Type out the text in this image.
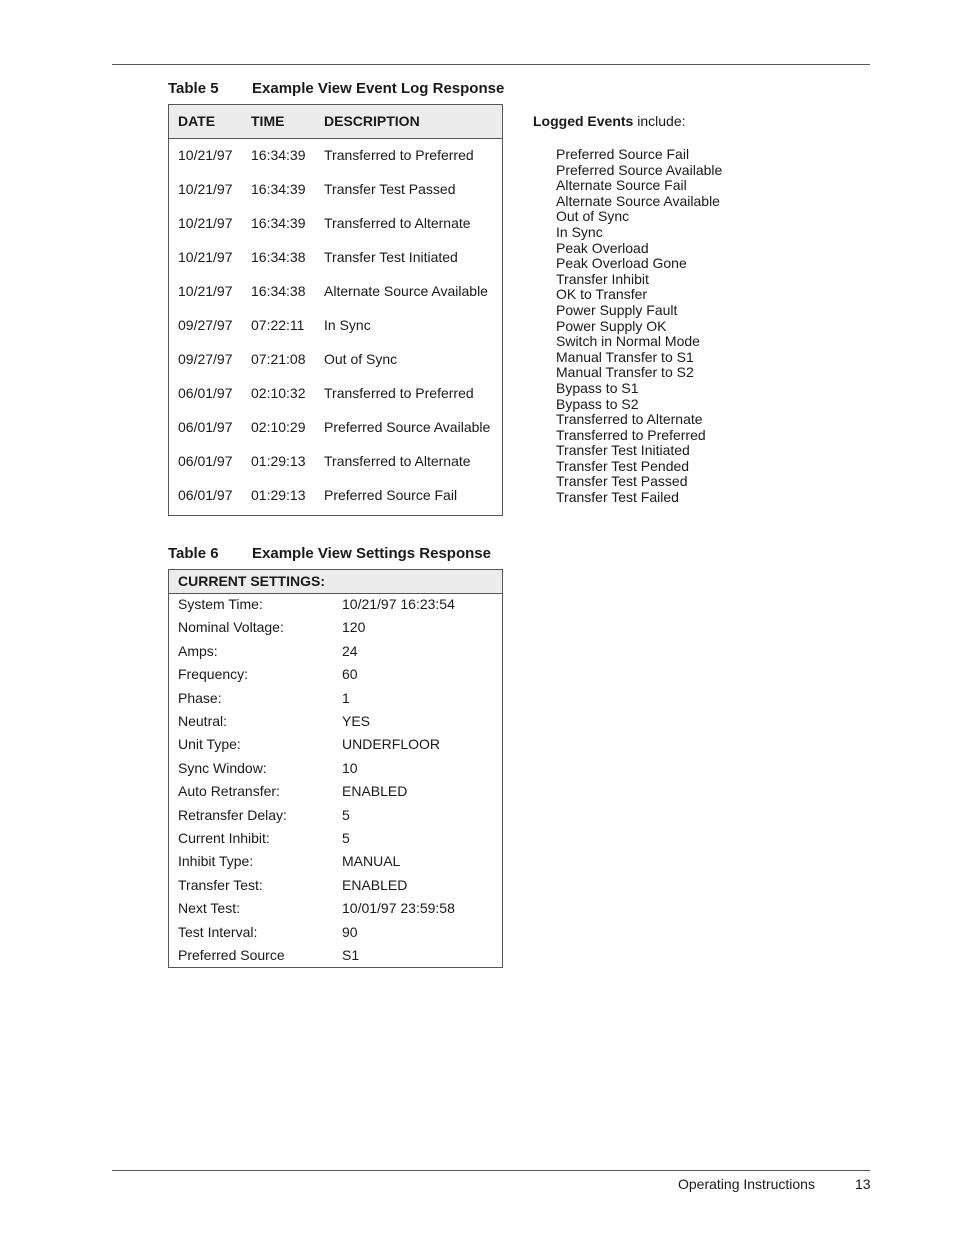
Table 5 Example View Event Log Response
DATE	TIME	DESCRIPTION
10/21/97 16:34:39 Transferred to Preferred
10/21/97 16:34:39 Transfer Test Passed
10/21/97 16:34:39 Transferred to Alternate
10/21/97 16:34:38 Transfer Test Initiated
10/21/97 16:34:38 Alternate Source Available
09/27/97 07:22:11 In Sync
09/27/97 07:21:08 Out of Sync
06/01/97 02:10:32 Transferred to Preferred
06/01/97 02:10:29 Preferred Source Available
06/01/97 01:29:13 Transferred to Alternate
06/01/97 01:29:13 Preferred Source Fail
Logged Events include:
Preferred Source Fail
Preferred Source Available
Alternate Source Fail
Alternate Source Available
Out of Sync
In Sync
Peak Overload
Peak Overload Gone
Transfer Inhibit
OK to Transfer
Power Supply Fault
Power Supply OK
Switch in Normal Mode
Manual Transfer to S1
Manual Transfer to S2
Bypass to S1
Bypass to S2
Transferred to Alternate
Transferred to Preferred
Transfer Test Initiated
Transfer Test Pended
Transfer Test Passed
Transfer Test Failed
Table 6 Example View Settings Response
CURRENT SETTINGS:
System Time:	10/21/97 16:23:54
Nominal Voltage:	120
Amps:	24
Frequency:	60
Phase:	1
Neutral:	YES
Unit Type:	UNDERFLOOR
Sync Window:	10
Auto Retransfer:	ENABLED
Retransfer Delay:	5
Current Inhibit:	5
Inhibit Type:	MANUAL
Transfer Test:	ENABLED
Next Test:	10/01/97 23:59:58
Test Interval:	90
Preferred Source	S1
Operating Instructions	13
